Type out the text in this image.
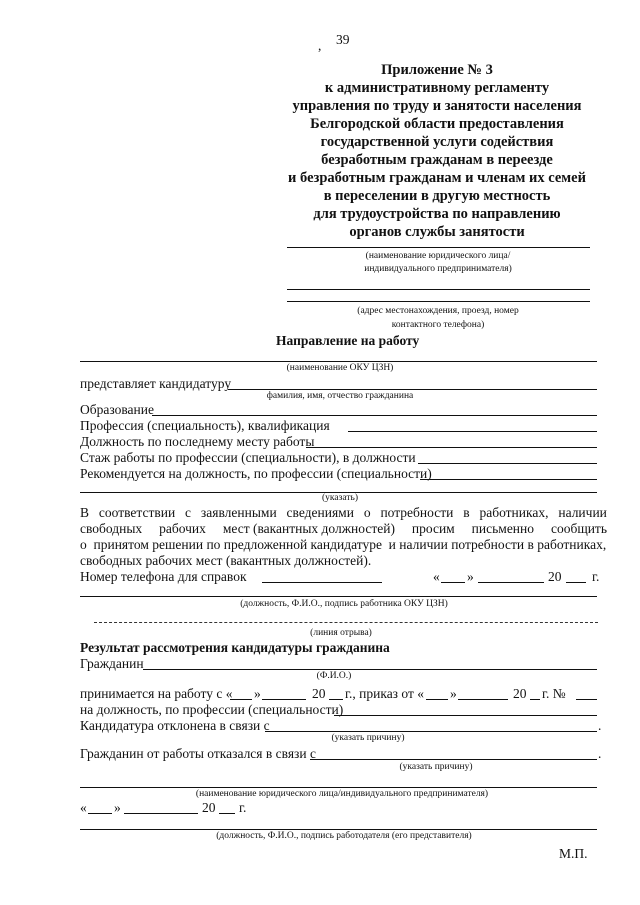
39
,
Приложение № 3
к административному регламенту
управления по труду и занятости населения
Белгородской области предоставления
государственной услуги содействия
безработным гражданам в переезде
и безработным гражданам и членам их семей
в переселении в другую местность
для трудоустройства по направлению
органов службы занятости
(наименование юридического лица/
индивидуального предпринимателя)
(адрес местонахождения, проезд, номер
контактного телефона)
Направление на работу
(наименование ОКУ ЦЗН)
представляет кандидатуру
фамилия, имя, отчество гражданина
Образование
Профессия (специальность), квалификация
Должность по последнему месту работы
Стаж работы по профессии (специальности), в должности
Рекомендуется на должность, по профессии (специальности)
(указать)
В соответствии с заявленными сведениями о потребности в работниках, наличии
свободных рабочих мест (вакантных должностей) просим письменно сообщить
о  принятом решении по предложенной кандидатуре  и наличии потребности в работниках,
свободных рабочих мест (вакантных должностей).
Номер телефона для справок	« »	20 г.
(должность, Ф.И.О., подпись работника ОКУ ЦЗН)
(линия отрыва)
Результат рассмотрения кандидатуры гражданина
Гражданин
(Ф.И.О.)
принимается на работу с « »	20 г., приказ от « »	20 г. №
на должность, по профессии (специальности)
Кандидатура отклонена в связи с	.
(указать причину)
Гражданин от работы отказался в связи с	.
(указать причину)
(наименование юридического лица/индивидуального предпринимателя)
« »	20 г.
(должность, Ф.И.О., подпись работодателя (его представителя)
М.П.
